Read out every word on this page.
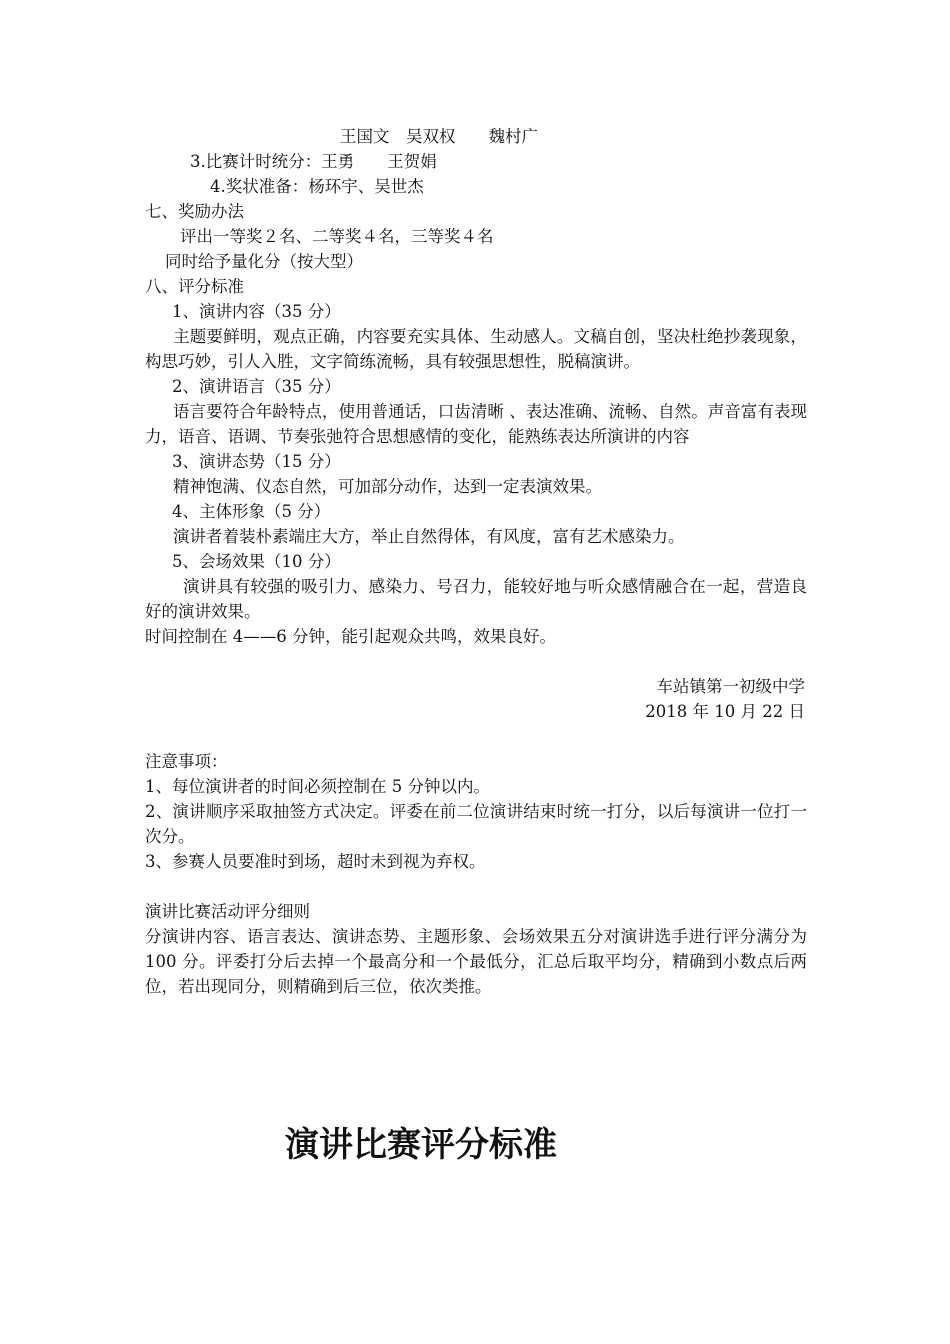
王国文　吴双权　　魏村广
3.比赛计时统分：王勇　　王贺娟
4.奖状准备：杨环宇、吴世杰
七、奖励办法
评出一等奖２名、二等奖４名，三等奖４名
同时给予量化分（按大型）
八、评分标准
1、演讲内容（35 分）
主题要鲜明，观点正确，内容要充实具体、生动感人。文稿自创，坚决杜绝抄袭现象，构思巧妙，引人入胜，文字简练流畅，具有较强思想性，脱稿演讲。
2、演讲语言（35 分）
语言要符合年龄特点，使用普通话，口齿清晰 、表达准确、流畅、自然。声音富有表现力，语音、语调、节奏张弛符合思想感情的变化，能熟练表达所演讲的内容
3、演讲态势（15 分）
精神饱满、仪态自然，可加部分动作，达到一定表演效果。
4、主体形象（5 分）
演讲者着装朴素端庄大方，举止自然得体，有风度，富有艺术感染力。
5、会场效果（10 分）
演讲具有较强的吸引力、感染力、号召力，能较好地与听众感情融合在一起，营造良好的演讲效果。
时间控制在 4——6 分钟，能引起观众共鸣，效果良好。
车站镇第一初级中学
2018 年 10 月 22 日
注意事项：
1、每位演讲者的时间必须控制在 5 分钟以内。
2、演讲顺序采取抽签方式决定。评委在前二位演讲结束时统一打分，以后每演讲一位打一次分。
3、参赛人员要准时到场，超时未到视为弃权。
演讲比赛活动评分细则
分演讲内容、语言表达、演讲态势、主题形象、会场效果五分对演讲选手进行评分满分为 100 分。评委打分后去掉一个最高分和一个最低分，汇总后取平均分，精确到小数点后两位，若出现同分，则精确到后三位，依次类推。
演讲比赛评分标准
